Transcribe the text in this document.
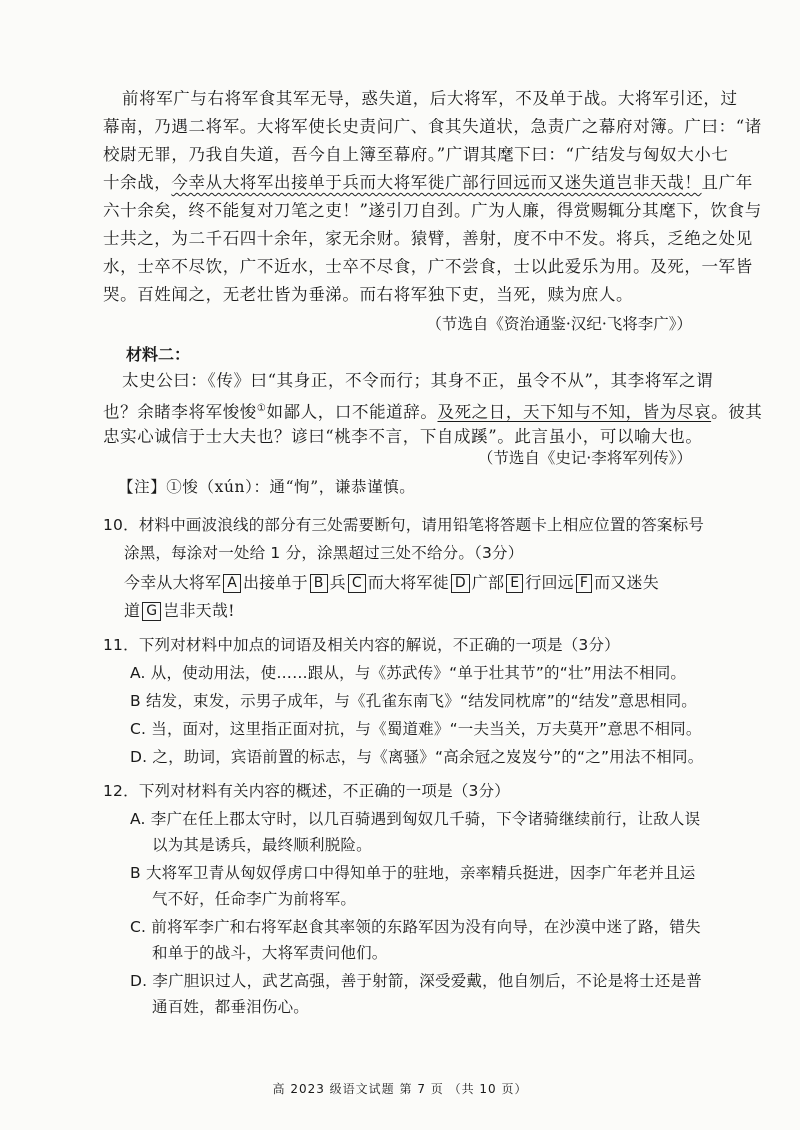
前将军广与右将军食其军无导，惑失道，后大将军，不及单于战。大将军引还，过
幕南，乃遇二将军。大将军使长史责问广、食其失道状，急责广之幕府对簿。广曰：“诸
校尉无罪，乃我自失道，吾今自上簿至幕府。”广谓其麾下曰：“广结发与匈奴大小七
十余战，今幸从大将军出接单于兵而大将军徙广部行回远而又迷失道岂非天哉！且广年
六十余矣，终不能复对刀笔之吏！”遂引刀自刭。广为人廉，得赏赐辄分其麾下，饮食与
士共之，为二千石四十余年，家无余财。猿臂，善射，度不中不发。将兵，乏绝之处见
水，士卒不尽饮，广不近水，士卒不尽食，广不尝食，士以此爱乐为用。及死，一军皆
哭。百姓闻之，无老壮皆为垂涕。而右将军独下吏，当死，赎为庶人。
（节选自《资治通鉴·汉纪·飞将李广》）
材料二：
太史公曰：《传》曰“其身正，不令而行；其身不正，虽令不从”，其李将军之谓
也？余睹李将军悛悛①如鄙人，口不能道辞。及死之日，天下知与不知，皆为尽哀。彼其
忠实心诚信于士大夫也？谚曰“桃李不言，下自成蹊”。此言虽小，可以喻大也。
（节选自《史记·李将军列传》）
【注】①悛（xún）：通“恂”，谦恭谨慎。
10．材料中画波浪线的部分有三处需要断句，请用铅笔将答题卡上相应位置的答案标号
涂黑，每涂对一处给 1 分，涂黑超过三处不给分。（3分）
今幸从大将军 A 出接单于 B 兵 C 而大将军徙 D 广部 E 行回远 F 而又迷失
道 G 岂非天哉!
11．下列对材料中加点的词语及相关内容的解说，不正确的一项是（3分）
A. 从，使动用法，使……跟从，与《苏武传》“单于壮其节”的“壮”用法不相同。
B 结发，束发，示男子成年，与《孔雀东南飞》“结发同枕席”的“结发”意思相同。
C. 当，面对，这里指正面对抗，与《蜀道难》“一夫当关，万夫莫开”意思不相同。
D. 之，助词，宾语前置的标志，与《离骚》“高余冠之岌岌兮”的“之”用法不相同。
12．下列对材料有关内容的概述，不正确的一项是（3分）
A. 李广在任上郡太守时，以几百骑遇到匈奴几千骑，下令诸骑继续前行，让敌人误
以为其是诱兵，最终顺利脱险。
B 大将军卫青从匈奴俘虏口中得知单于的驻地，亲率精兵挺进，因李广年老并且运
气不好，任命李广为前将军。
C. 前将军李广和右将军赵食其率领的东路军因为没有向导，在沙漠中迷了路，错失
和单于的战斗，大将军责问他们。
D. 李广胆识过人，武艺高强，善于射箭，深受爱戴，他自刎后，不论是将士还是普
通百姓，都垂泪伤心。
高 2023 级语文试题 第 7 页 （共 10 页）
